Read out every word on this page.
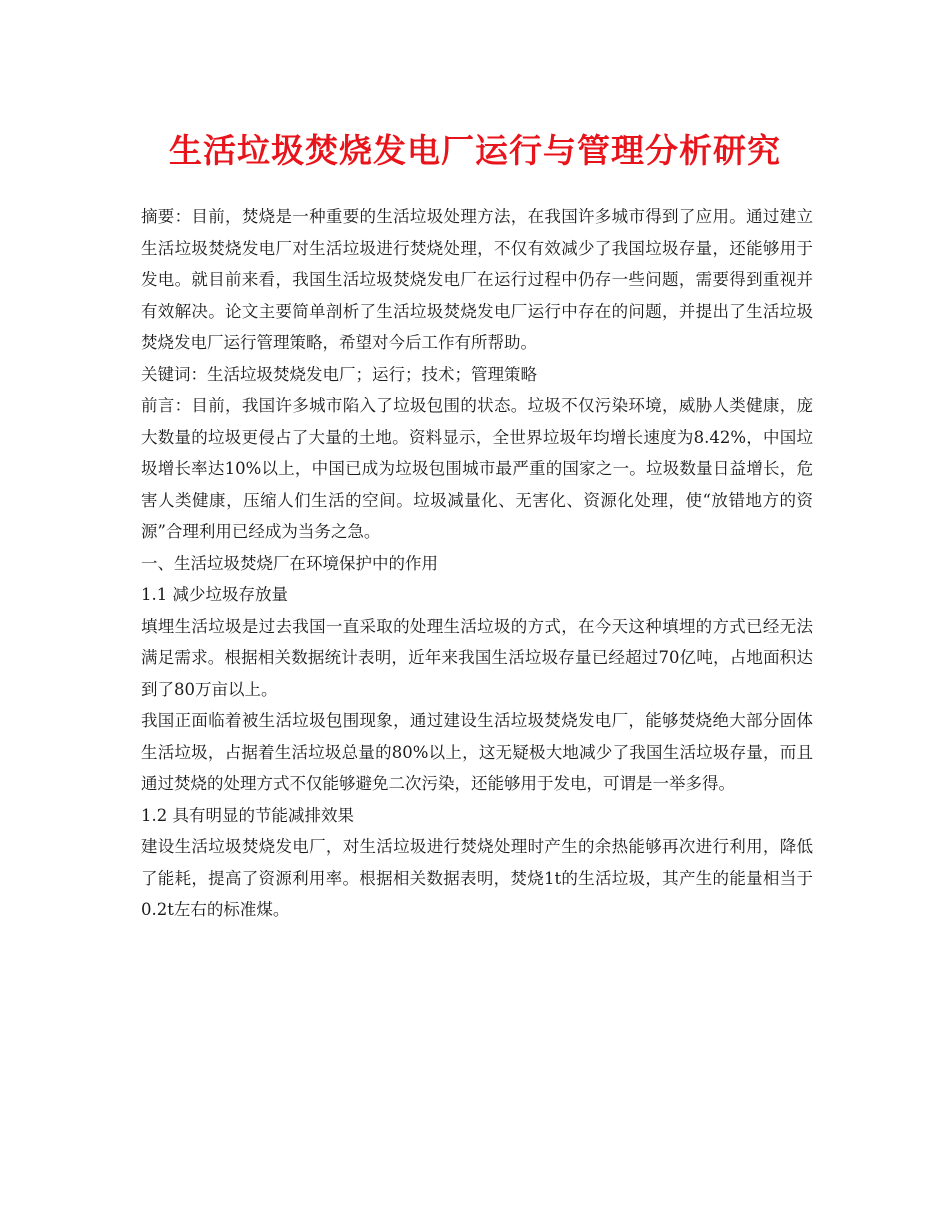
生活垃圾焚烧发电厂运行与管理分析研究

摘要：目前，焚烧是一种重要的生活垃圾处理方法，在我国许多城市得到了应用。通过建立生活垃圾焚烧发电厂对生活垃圾进行焚烧处理，不仅有效减少了我国垃圾存量，还能够用于发电。就目前来看，我国生活垃圾焚烧发电厂在运行过程中仍存一些问题，需要得到重视并有效解决。论文主要简单剖析了生活垃圾焚烧发电厂运行中存在的问题，并提出了生活垃圾焚烧发电厂运行管理策略，希望对今后工作有所帮助。

关键词：生活垃圾焚烧发电厂；运行；技术；管理策略

前言：目前，我国许多城市陷入了垃圾包围的状态。垃圾不仅污染环境，威胁人类健康，庞大数量的垃圾更侵占了大量的土地。资料显示，全世界垃圾年均增长速度为8.42%，中国垃圾增长率达10%以上，中国已成为垃圾包围城市最严重的国家之一。垃圾数量日益增长，危害人类健康，压缩人们生活的空间。垃圾减量化、无害化、资源化处理，使“放错地方的资源”合理利用已经成为当务之急。

一、生活垃圾焚烧厂在环境保护中的作用

1.1 减少垃圾存放量

填埋生活垃圾是过去我国一直采取的处理生活垃圾的方式，在今天这种填埋的方式已经无法满足需求。根据相关数据统计表明，近年来我国生活垃圾存量已经超过70亿吨，占地面积达到了80万亩以上。

我国正面临着被生活垃圾包围现象，通过建设生活垃圾焚烧发电厂，能够焚烧绝大部分固体生活垃圾，占据着生活垃圾总量的80%以上，这无疑极大地减少了我国生活垃圾存量，而且通过焚烧的处理方式不仅能够避免二次污染，还能够用于发电，可谓是一举多得。

1.2 具有明显的节能减排效果

建设生活垃圾焚烧发电厂，对生活垃圾进行焚烧处理时产生的余热能够再次进行利用，降低了能耗，提高了资源利用率。根据相关数据表明，焚烧1t的生活垃圾，其产生的能量相当于0.2t左右的标准煤。
